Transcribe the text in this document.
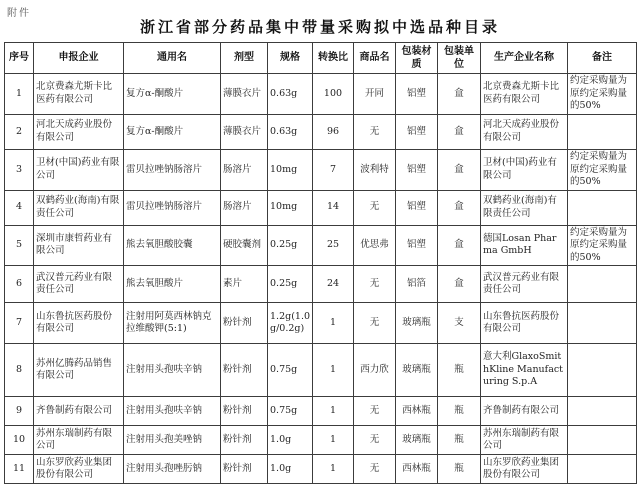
附件
浙江省部分药品集中带量采购拟中选品种目录
序号	申报企业	通用名	剂型	规格	转换比	商品名	包装材质	包装单位	生产企业名称	备注
1	北京费森尤斯卡比医药有限公司	复方α-酮酸片	薄膜衣片	0.63g	100	开同	铝塑	盒	北京费森尤斯卡比医药有限公司	约定采购量为原约定采购量的50%
2	河北天成药业股份有限公司	复方α-酮酸片	薄膜衣片	0.63g	96	无	铝塑	盒	河北天成药业股份有限公司	
3	卫材(中国)药业有限公司	雷贝拉唑钠肠溶片	肠溶片	10mg	7	波利特	铝塑	盒	卫材(中国)药业有限公司	约定采购量为原约定采购量的50%
4	双鹤药业(海南)有限责任公司	雷贝拉唑钠肠溶片	肠溶片	10mg	14	无	铝塑	盒	双鹤药业(海南)有限责任公司	
5	深圳市康哲药业有限公司	熊去氧胆酸胶囊	硬胶囊剂	0.25g	25	优思弗	铝塑	盒	德国Losan Pharma GmbH	约定采购量为原约定采购量的50%
6	武汉普元药业有限责任公司	熊去氧胆酸片	素片	0.25g	24	无	铝箔	盒	武汉普元药业有限责任公司	
7	山东鲁抗医药股份有限公司	注射用阿莫西林钠克拉维酸钾(5:1)	粉针剂	1.2g(1.0g/0.2g)	1	无	玻璃瓶	支	山东鲁抗医药股份有限公司	
8	苏州亿腾药品销售有限公司	注射用头孢呋辛钠	粉针剂	0.75g	1	西力欣	玻璃瓶	瓶	意大利GlaxoSmithKline Manufacturing S.p.A	
9	齐鲁制药有限公司	注射用头孢呋辛钠	粉针剂	0.75g	1	无	西林瓶	瓶	齐鲁制药有限公司	
10	苏州东瑞制药有限公司	注射用头孢美唑钠	粉针剂	1.0g	1	无	玻璃瓶	瓶	苏州东瑞制药有限公司	
11	山东罗欣药业集团股份有限公司	注射用头孢唑肟钠	粉针剂	1.0g	1	无	西林瓶	瓶	山东罗欣药业集团股份有限公司	
